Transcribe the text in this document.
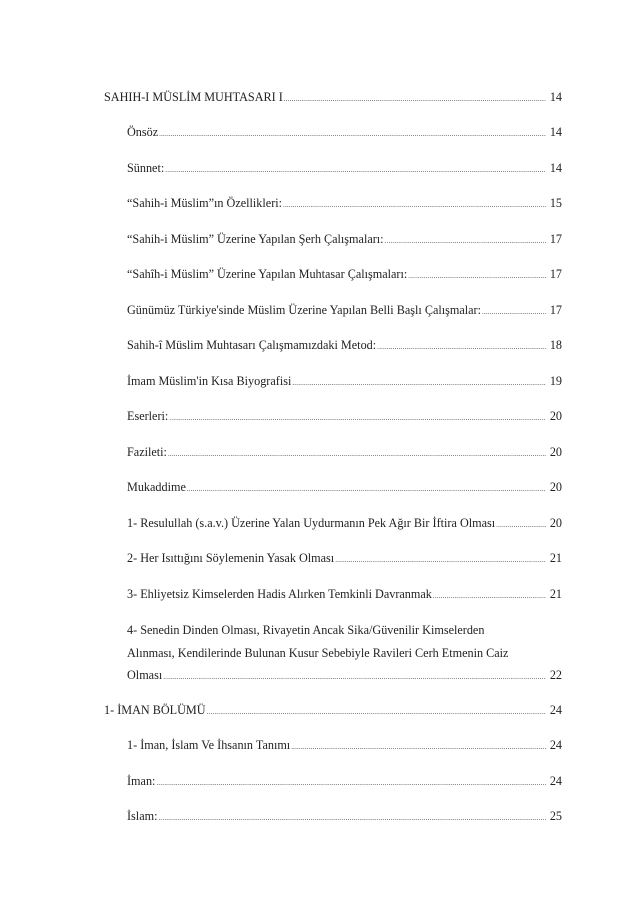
SAHIH-I MÜSLİM MUHTASARI I .....	14
Önsöz .....	14
Sünnet: .....	14
“Sahih-i Müslim”ın Özellikleri: .....	15
“Sahih-i Müslim” Üzerine Yapılan Şerh Çalışmaları: .....	17
“Sahîh-i Müslim” Üzerine Yapılan Muhtasar Çalışmaları: .....	17
Günümüz Türkiye'sinde Müslim Üzerine Yapılan Belli Başlı Çalışmalar: .....	17
Sahih-î Müslim Muhtasarı Çalışmamızdaki Metod: .....	18
İmam Müslim'in Kısa Biyografisi .....	19
Eserleri: .....	20
Fazileti: .....	20
Mukaddime .....	20
1- Resulullah (s.a.v.) Üzerine Yalan Uydurmanın Pek Ağır Bir İftira Olması .....	20
2- Her Isıttığını Söylemenin Yasak Olması .....	21
3- Ehliyetsiz Kimselerden Hadis Alırken Temkinli Davranmak .....	21
4- Senedin Dinden Olması, Rivayetin Ancak Sika/Güvenilir Kimselerden
Alınması, Kendilerinde Bulunan Kusur Sebebiyle Ravileri Cerh Etmenin Caiz
Olması .....	22
1- İMAN BÖLÜMÜ .....	24
1- İman, İslam Ve İhsanın Tanımı .....	24
İman: .....	24
İslam: .....	25
